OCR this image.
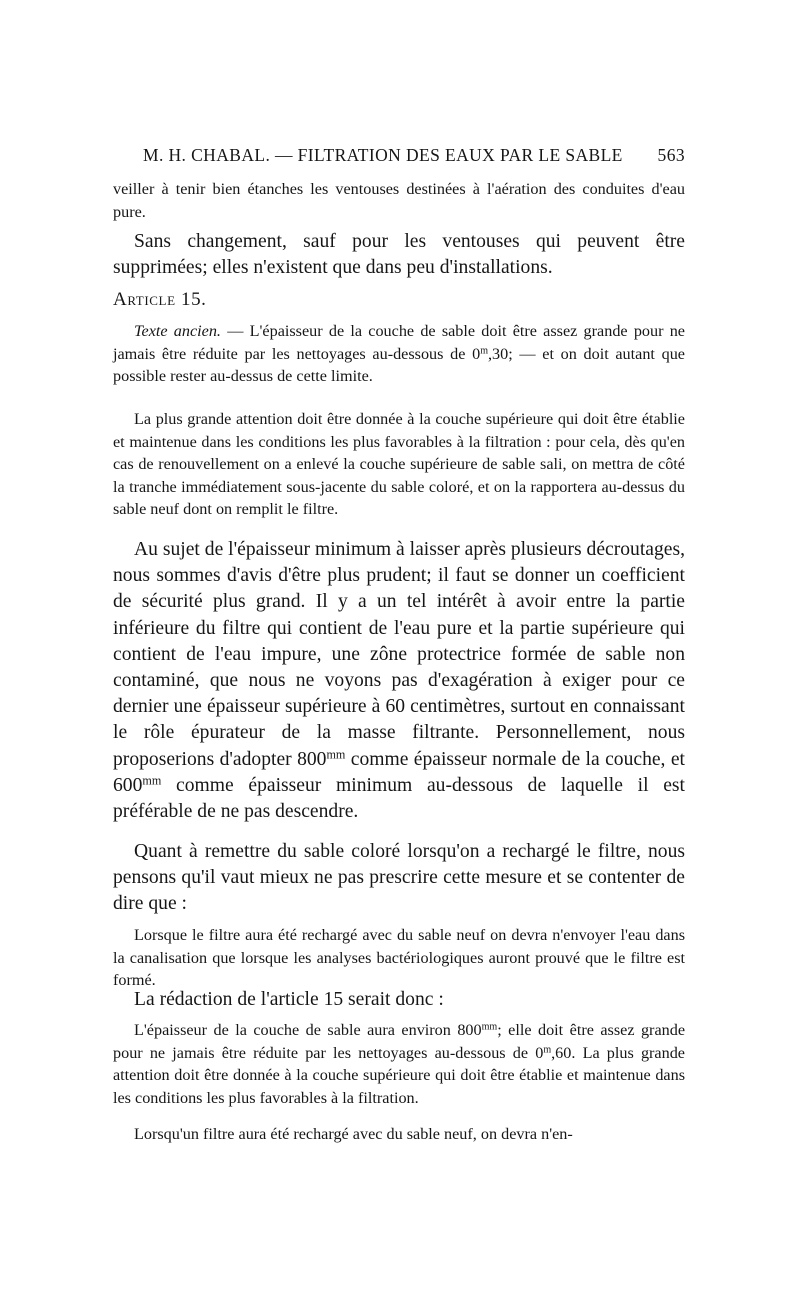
M. H. CHABAL. — FILTRATION DES EAUX PAR LE SABLE 563

veiller à tenir bien étanches les ventouses destinées à l'aération des conduites d'eau pure.

Sans changement, sauf pour les ventouses qui peuvent être supprimées; elles n'existent que dans peu d'installations.

Article 15.

Texte ancien. — L'épaisseur de la couche de sable doit être assez grande pour ne jamais être réduite par les nettoyages au-dessous de 0$^m$,30; — et on doit autant que possible rester au-dessus de cette limite.

La plus grande attention doit être donnée à la couche supérieure qui doit être établie et maintenue dans les conditions les plus favorables à la filtration : pour cela, dès qu'en cas de renouvellement on a enlevé la couche supérieure de sable sali, on mettra de côté la tranche immédiatement sous-jacente du sable coloré, et on la rapportera au-dessus du sable neuf dont on remplit le filtre.

Au sujet de l'épaisseur minimum à laisser après plusieurs décroutages, nous sommes d'avis d'être plus prudent; il faut se donner un coefficient de sécurité plus grand. Il y a un tel intérêt à avoir entre la partie inférieure du filtre qui contient de l'eau pure et la partie supérieure qui contient de l'eau impure, une zône protectrice formée de sable non contaminé, que nous ne voyons pas d'exagération à exiger pour ce dernier une épaisseur supérieure à 60 centimètres, surtout en connaissant le rôle épurateur de la masse filtrante. Personnellement, nous proposerions d'adopter $800^{mm}$ comme épaisseur normale de la couche, et $600^{mm}$ comme épaisseur minimum au-dessous de laquelle il est préférable de ne pas descendre.

Quant à remettre du sable coloré lorsqu'on a rechargé le filtre, nous pensons qu'il vaut mieux ne pas prescrire cette mesure et se contenter de dire que :

Lorsque le filtre aura été rechargé avec du sable neuf on devra n'envoyer l'eau dans la canalisation que lorsque les analyses bactériologiques auront prouvé que le filtre est formé.

La rédaction de l'article 15 serait donc :

L'épaisseur de la couche de sable aura environ $800^{mm}$; elle doit être assez grande pour ne jamais être réduite par les nettoyages au-dessous de 0$^m$,60. La plus grande attention doit être donnée à la couche supérieure qui doit être établie et maintenue dans les conditions les plus favorables à la filtration.

Lorsqu'un filtre aura été rechargé avec du sable neuf, on devra n'en-
